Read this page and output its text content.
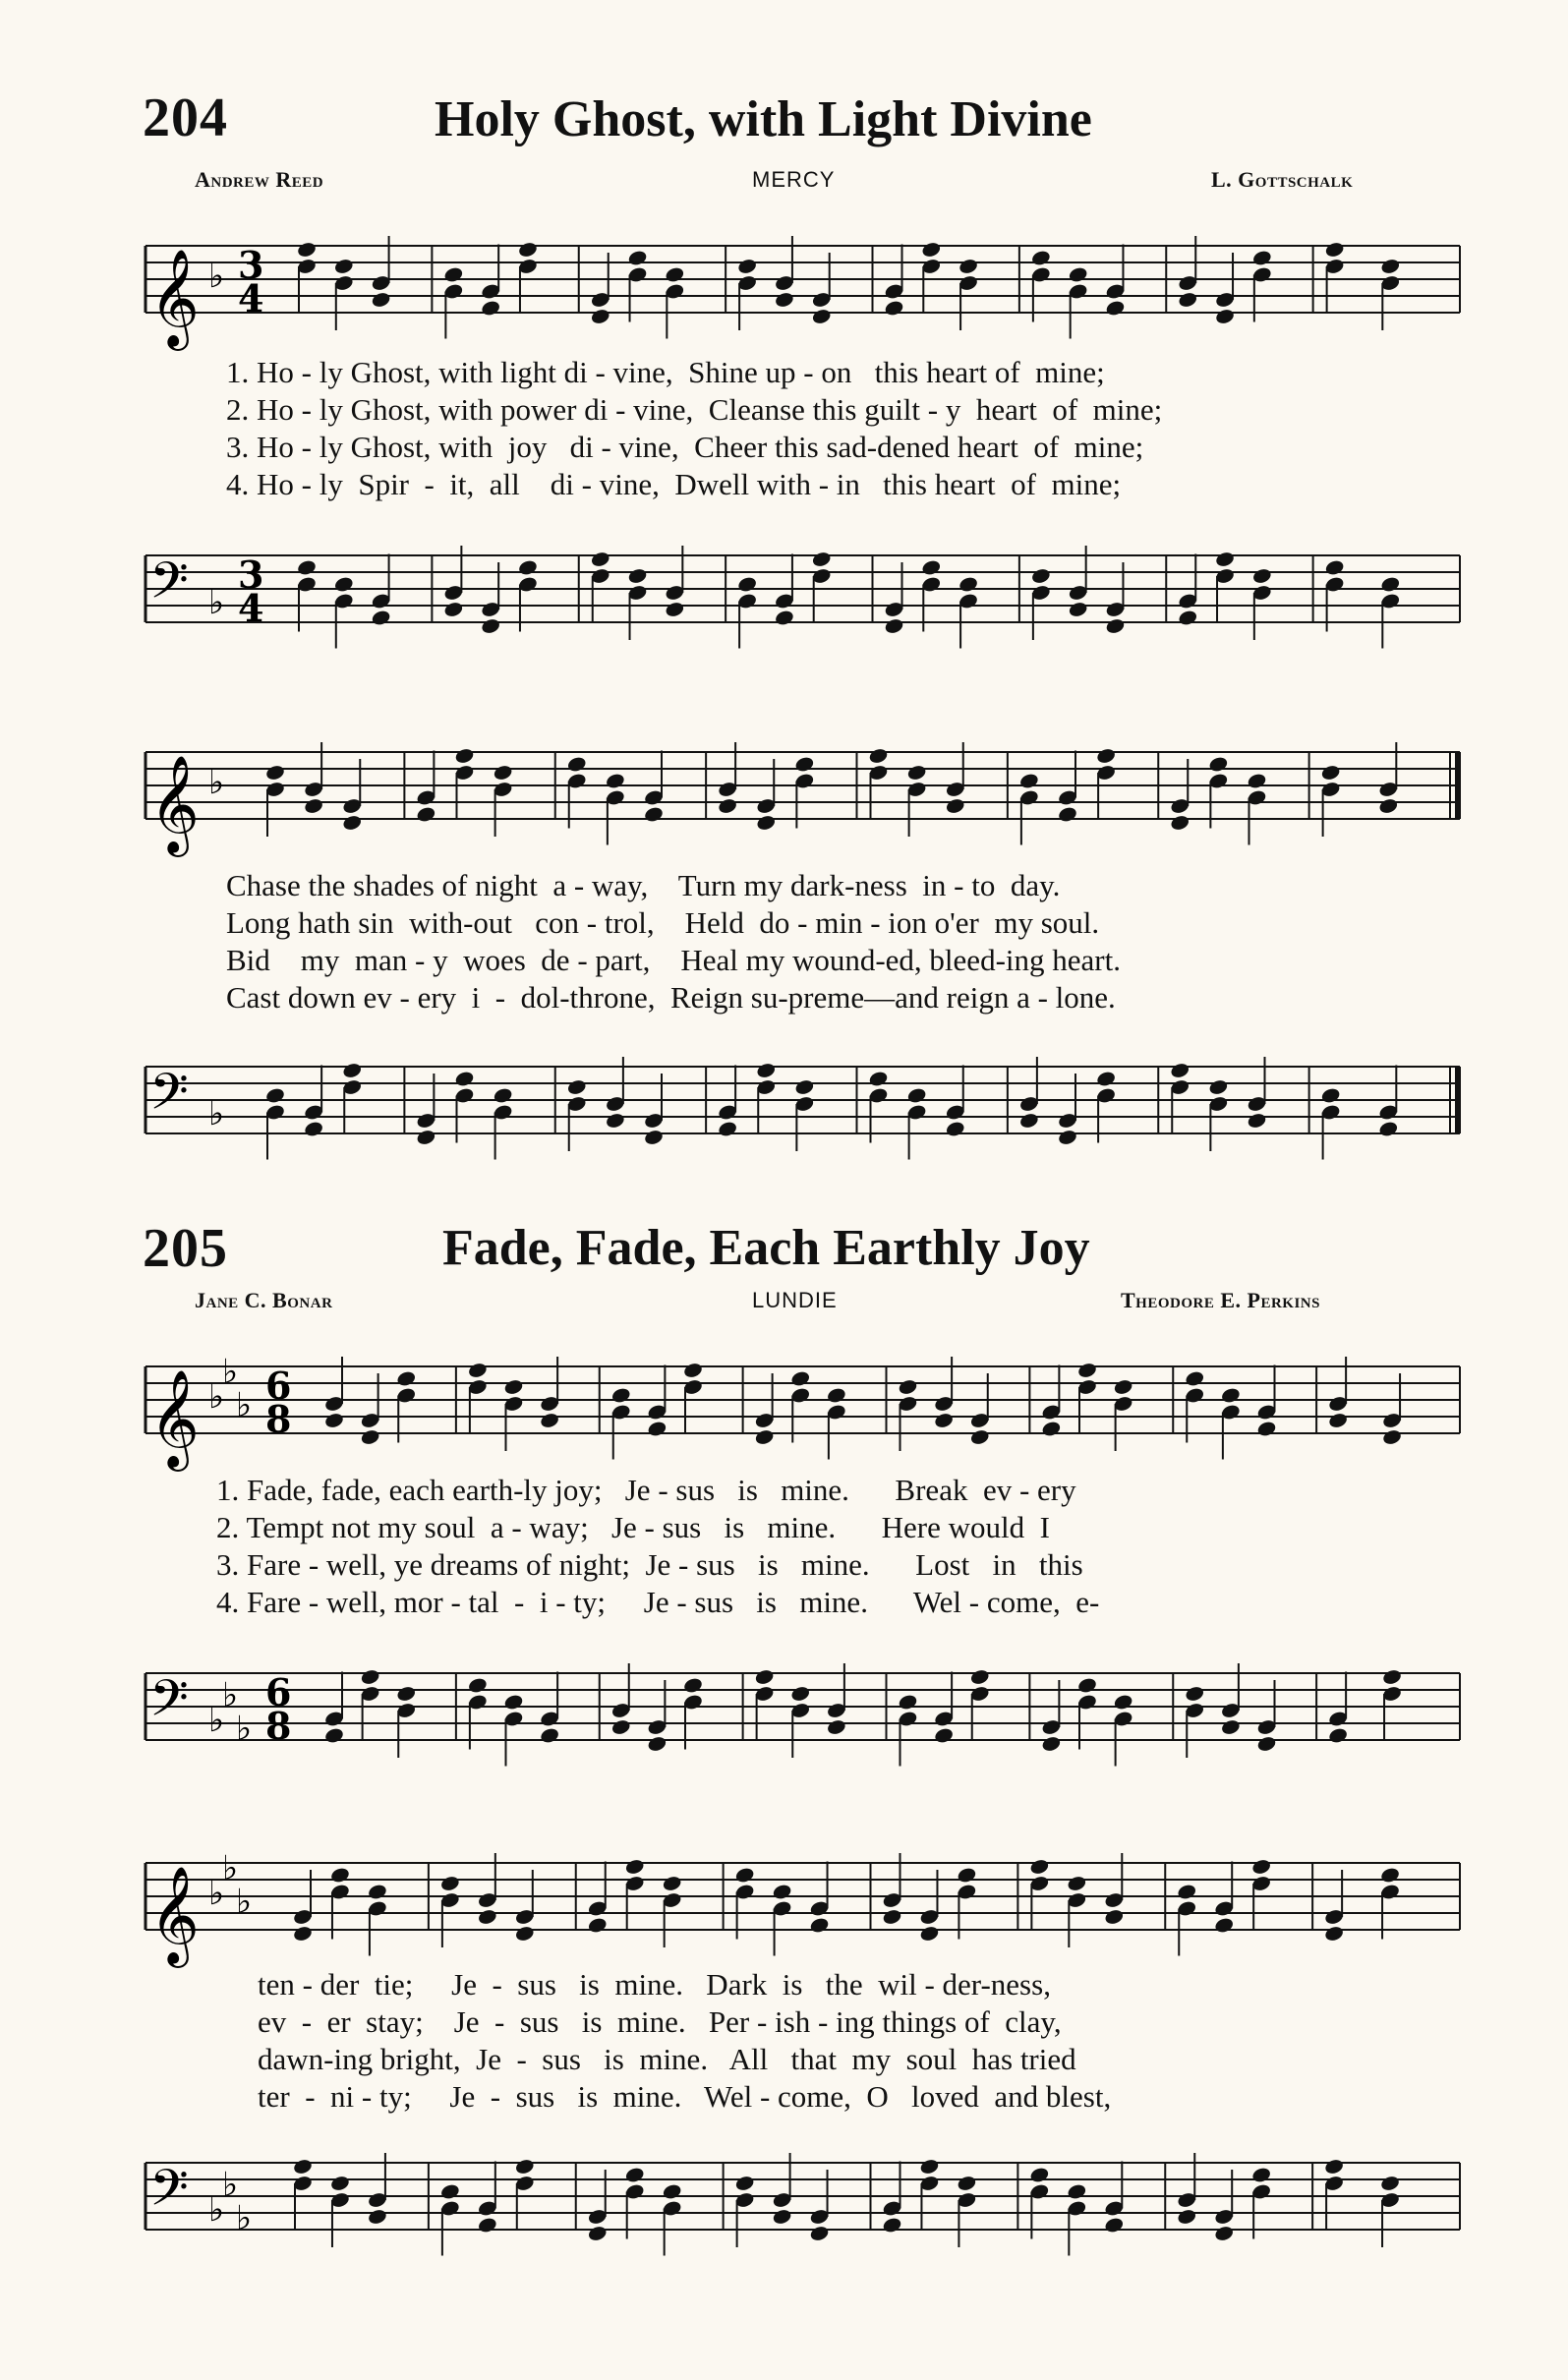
204	Holy Ghost, with Light Divine
Andrew Reed	MERCY	L. Gottschalk
𝄞 ♭ 3
4
1. Ho - ly Ghost, with light di - vine,  Shine up - on   this heart of  mine;
2. Ho - ly Ghost, with power di - vine,  Cleanse this guilt - y  heart  of  mine;
3. Ho - ly Ghost, with  joy   di - vine,  Cheer this sad-dened heart  of  mine;
4. Ho - ly  Spir  -  it,  all    di - vine,  Dwell with - in   this heart  of  mine;
𝄢 ♭
3
4
𝄞 ♭
Chase the shades of night  a - way,    Turn my dark-ness  in - to  day.
Long hath sin  with-out   con - trol,    Held  do - min - ion o'er  my soul.
Bid    my  man - y  woes  de - part,    Heal my wound-ed, bleed-ing heart.
Cast down ev - ery  i  -  dol-throne,  Reign su-preme—and reign a - lone.
𝄢 ♭
205	Fade, Fade, Each Earthly Joy
Jane C. Bonar	LUNDIE	Theodore E. Perkins
𝄞 ♭
♭
♭ 6
8
1. Fade, fade, each earth-ly joy;   Je - sus   is   mine.      Break  ev - ery
2. Tempt not my soul  a - way;   Je - sus   is   mine.      Here would  I
3. Fare - well, ye dreams of night;  Je - sus   is   mine.      Lost   in   this
4. Fare - well, mor - tal  -  i - ty;     Je - sus   is   mine.      Wel - come,  e-
𝄢 ♭
♭
♭
6
8
𝄞 ♭
♭
♭
ten - der  tie;     Je  -  sus   is  mine.   Dark  is   the  wil - der-ness,
ev  -  er  stay;    Je  -  sus   is  mine.   Per - ish - ing things of  clay,
dawn-ing bright,  Je  -  sus   is  mine.   All   that  my  soul  has tried
ter  -  ni - ty;     Je  -  sus   is  mine.   Wel - come,  O   loved  and blest,
𝄢 ♭
♭
♭
